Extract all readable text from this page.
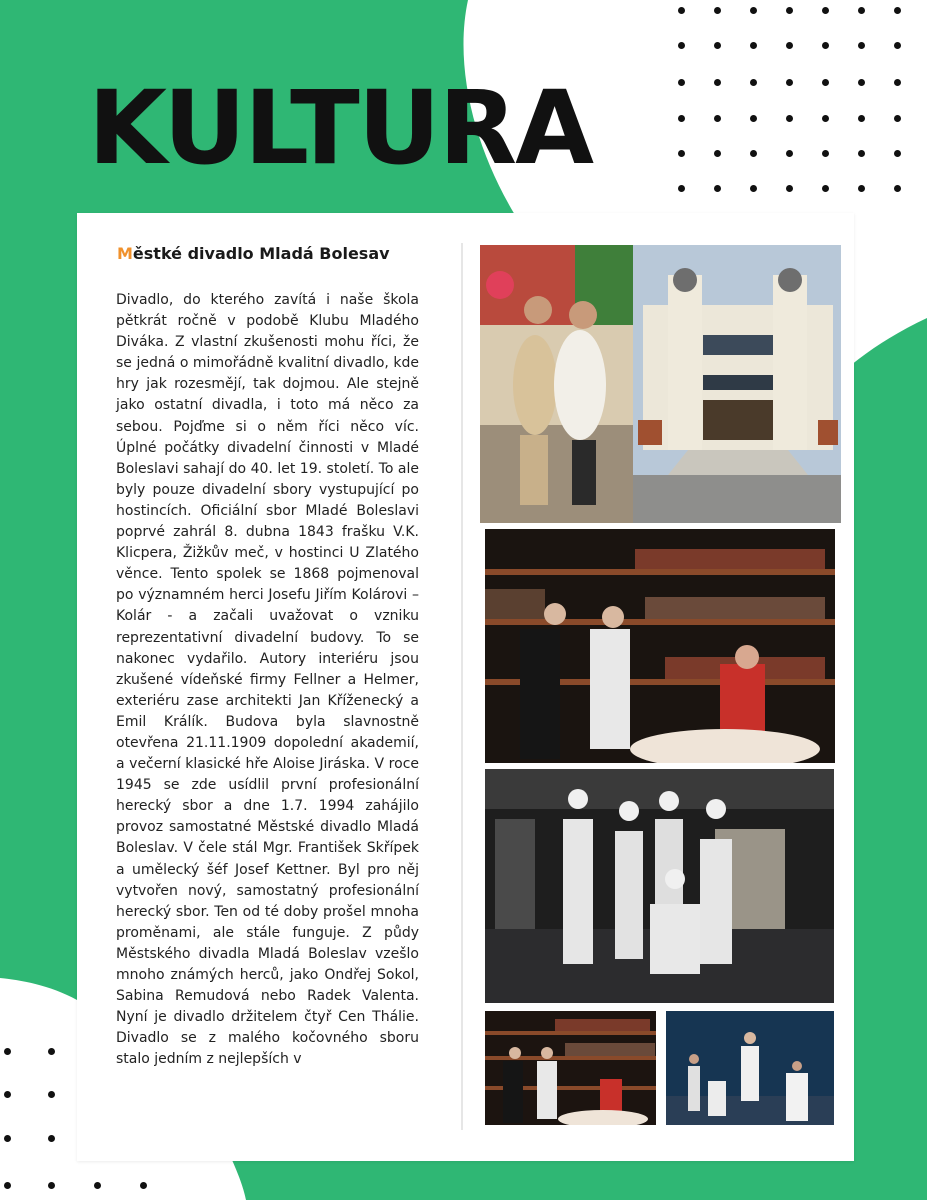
KULTURA
Městké divadlo Mladá Bolesav

Divadlo, do kterého zavítá i naše škola pětkrát ročně v podobě Klubu Mladého Diváka. Z vlastní zkušenosti mohu říci, že se jedná o mimořádně kvalitní divadlo, kde hry jak rozesmějí, tak dojmou. Ale stejně jako ostatní divadla, i toto má něco za sebou. Pojďme si o něm říci něco víc. Úplné počátky divadelní činnosti v Mladé Boleslavi sahají do 40. let 19. století. To ale byly pouze divadelní sbory vystupující po hostincích. Oficiální sbor Mladé Boleslavi poprvé zahrál 8. dubna 1843 frašku V.K. Klicpera, Žižkův meč, v hostinci U Zlatého věnce. Tento spolek se 1868 pojmenoval po významném herci Josefu Jiřím Kolárovi – Kolár - a začali uvažovat o vzniku reprezentativní divadelní budovy. To se nakonec vydařilo. Autory interiéru jsou zkušené vídeňské firmy Fellner a Helmer, exteriéru zase architekti Jan Kříženecký a Emil Králík. Budova byla slavnostně otevřena 21.11.1909 dopolední akademií, a večerní klasické hře Aloise Jiráska. V roce 1945 se zde usídlil první profesionální herecký sbor a dne 1.7. 1994 zahájilo provoz samostatné Městské divadlo Mladá Boleslav. V čele stál Mgr. František Skřípek a umělecký šéf Josef Kettner. Byl pro něj vytvořen nový, samostatný profesionální herecký sbor. Ten od té doby prošel mnoha proměnami, ale stále funguje. Z půdy Městského divadla Mladá Boleslav vzešlo mnoho známých herců, jako Ondřej Sokol, Sabina Remudová nebo Radek Valenta. Nyní je divadlo držitelem čtyř Cen Thálie. Divadlo se z malého kočovného sboru stalo jedním z nejlepších v
